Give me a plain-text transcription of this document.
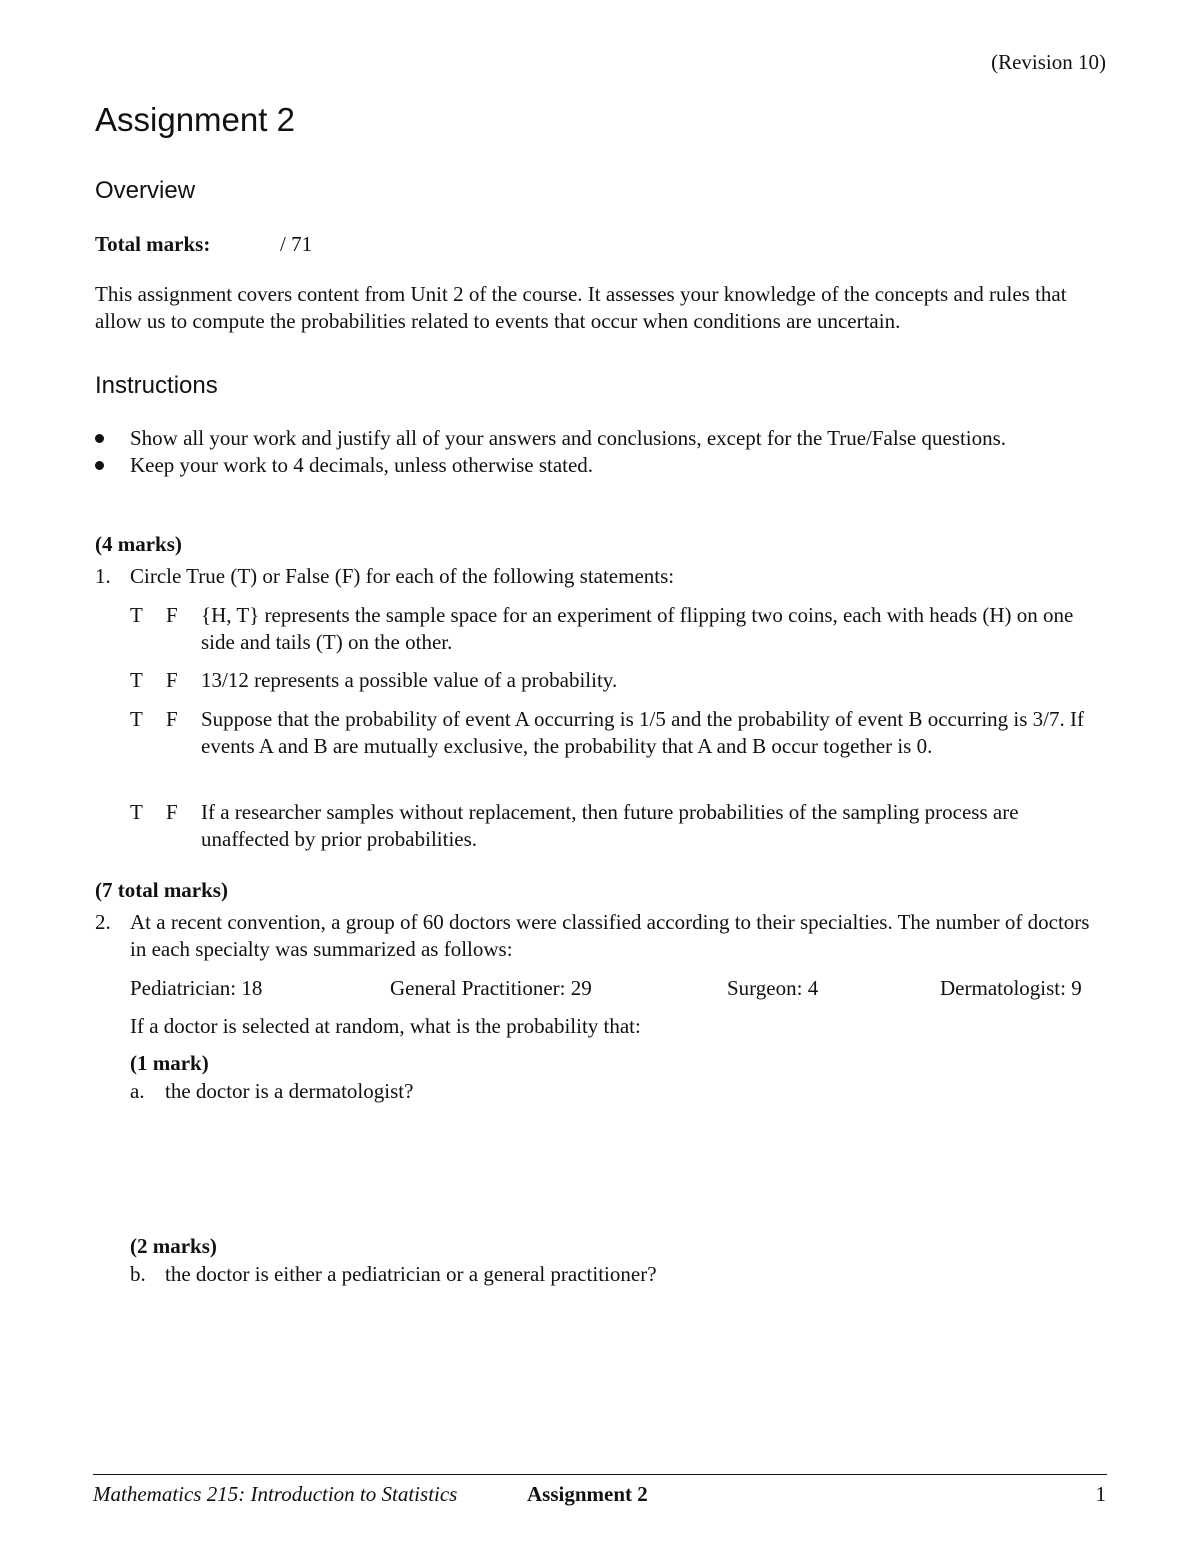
(Revision 10)
Assignment 2
Overview
Total marks:	/ 71
This assignment covers content from Unit 2 of the course. It assesses your knowledge of the concepts and rules that allow us to compute the probabilities related to events that occur when conditions are uncertain.
Instructions
Show all your work and justify all of your answers and conclusions, except for the True/False questions.
Keep your work to 4 decimals, unless otherwise stated.
(4 marks)
1. Circle True (T) or False (F) for each of the following statements:
T F {H, T} represents the sample space for an experiment of flipping two coins, each with heads (H) on one side and tails (T) on the other.
T F 13/12 represents a possible value of a probability.
T F Suppose that the probability of event A occurring is 1/5 and the probability of event B occurring is 3/7. If events A and B are mutually exclusive, the probability that A and B occur together is 0.
T F If a researcher samples without replacement, then future probabilities of the sampling process are unaffected by prior probabilities.
(7 total marks)
2. At a recent convention, a group of 60 doctors were classified according to their specialties. The number of doctors in each specialty was summarized as follows:
Pediatrician: 18	General Practitioner: 29	Surgeon: 4	Dermatologist: 9
If a doctor is selected at random, what is the probability that:
(1 mark)
a. the doctor is a dermatologist?
(2 marks)
b. the doctor is either a pediatrician or a general practitioner?
Mathematics 215: Introduction to Statistics	Assignment 2	1
